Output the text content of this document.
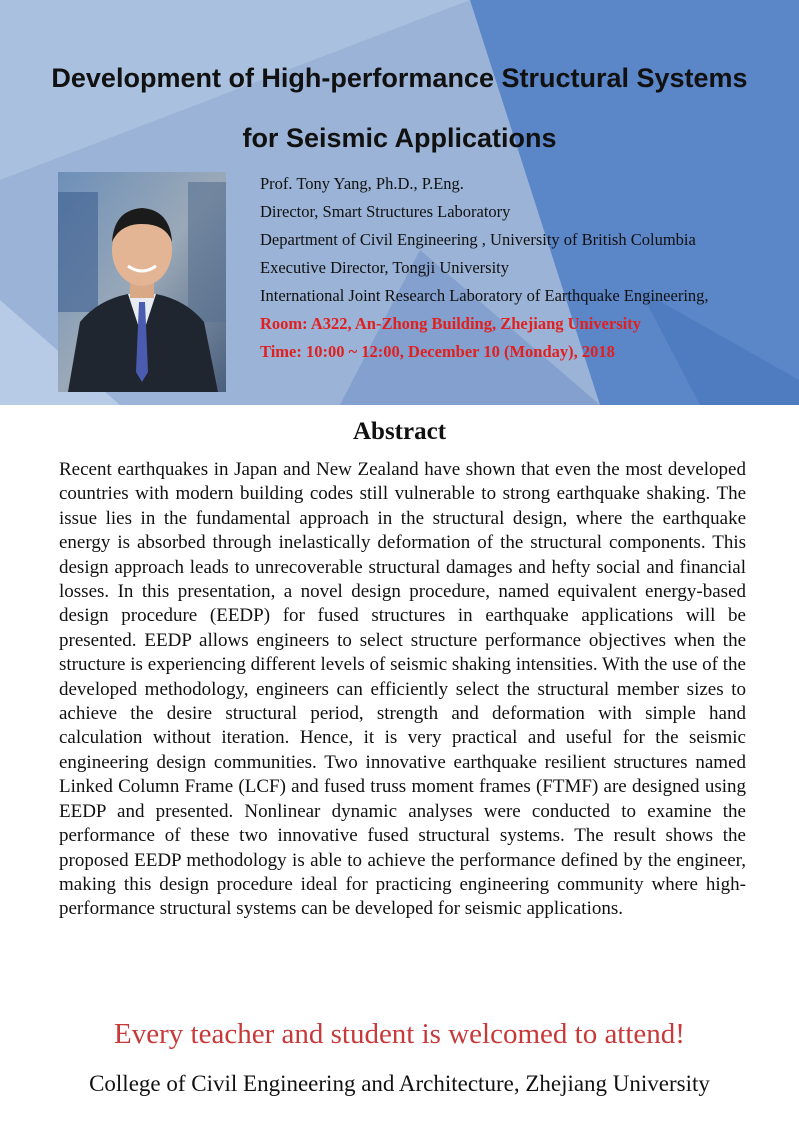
Development of High-performance Structural Systems
for Seismic Applications
Prof. Tony Yang, Ph.D., P.Eng.
Director, Smart Structures Laboratory
Department of Civil Engineering , University of British Columbia
Executive Director, Tongji University
International Joint Research Laboratory of Earthquake Engineering,
Room: A322, An-Zhong Building, Zhejiang University
Time: 10:00 ~ 12:00, December 10 (Monday), 2018
Abstract

Recent earthquakes in Japan and New Zealand have shown that even the most developed countries with modern building codes still vulnerable to strong earthquake shaking. The issue lies in the fundamental approach in the structural design, where the earthquake energy is absorbed through inelastically deformation of the structural components. This design approach leads to unrecoverable structural damages and hefty social and financial losses. In this presentation, a novel design procedure, named equivalent energy-based design procedure (EEDP) for fused structures in earthquake applications will be presented. EEDP allows engineers to select structure performance objectives when the structure is experiencing different levels of seismic shaking intensities. With the use of the developed methodology, engineers can efficiently select the structural member sizes to achieve the desire structural period, strength and deformation with simple hand calculation without iteration. Hence, it is very practical and useful for the seismic engineering design communities. Two innovative earthquake resilient structures named Linked Column Frame (LCF) and fused truss moment frames (FTMF) are designed using EEDP and presented. Nonlinear dynamic analyses were conducted to examine the performance of these two innovative fused structural systems. The result shows the proposed EEDP methodology is able to achieve the performance defined by the engineer, making this design procedure ideal for practicing engineering community where high-performance structural systems can be developed for seismic applications.

Every teacher and student is welcomed to attend!
College of Civil Engineering and Architecture, Zhejiang University
